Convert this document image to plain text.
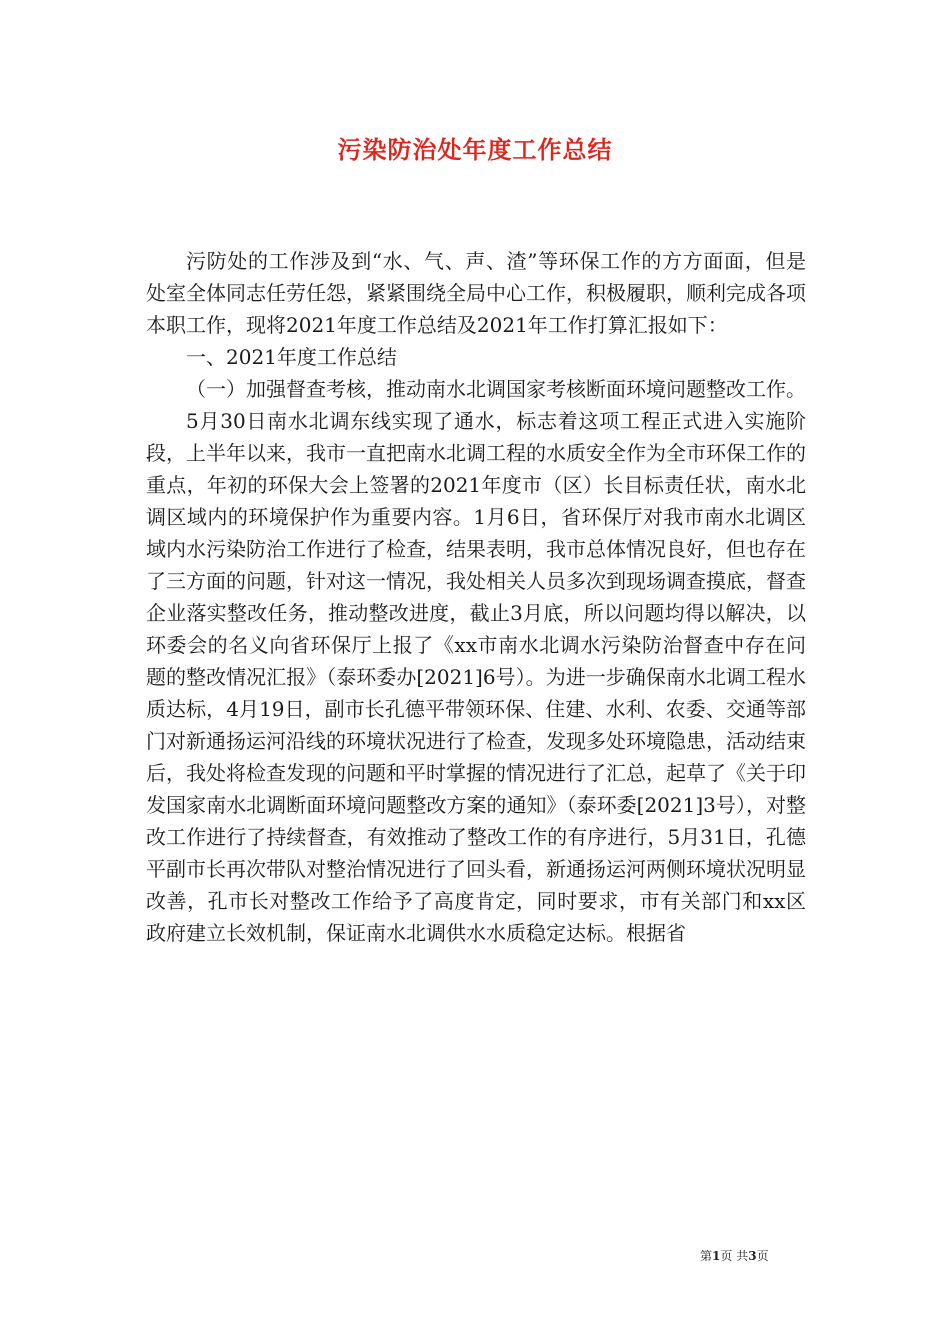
污染防治处年度工作总结

污防处的工作涉及到“水、气、声、渣”等环保工作的方方面面，但是处室全体同志任劳任怨，紧紧围绕全局中心工作，积极履职，顺利完成各项本职工作，现将2021年度工作总结及2021年工作打算汇报如下：

一、2021年度工作总结

（一）加强督查考核，推动南水北调国家考核断面环境问题整改工作。

5月30日南水北调东线实现了通水，标志着这项工程正式进入实施阶段，上半年以来，我市一直把南水北调工程的水质安全作为全市环保工作的重点，年初的环保大会上签署的2021年度市（区）长目标责任状，南水北调区域内的环境保护作为重要内容。1月6日，省环保厅对我市南水北调区域内水污染防治工作进行了检查，结果表明，我市总体情况良好，但也存在了三方面的问题，针对这一情况，我处相关人员多次到现场调查摸底，督查企业落实整改任务，推动整改进度，截止3月底，所以问题均得以解决，以环委会的名义向省环保厅上报了《xx市南水北调水污染防治督查中存在问题的整改情况汇报》（泰环委办[2021]6号）。为进一步确保南水北调工程水质达标，4月19日，副市长孔德平带领环保、住建、水利、农委、交通等部门对新通扬运河沿线的环境状况进行了检查，发现多处环境隐患，活动结束后，我处将检查发现的问题和平时掌握的情况进行了汇总，起草了《关于印发国家南水北调断面环境问题整改方案的通知》（泰环委[2021]3号），对整改工作进行了持续督查，有效推动了整改工作的有序进行，5月31日，孔德平副市长再次带队对整治情况进行了回头看，新通扬运河两侧环境状况明显改善，孔市长对整改工作给予了高度肯定，同时要求，市有关部门和xx区政府建立长效机制，保证南水北调供水水质稳定达标。根据省

第1页 共3页
